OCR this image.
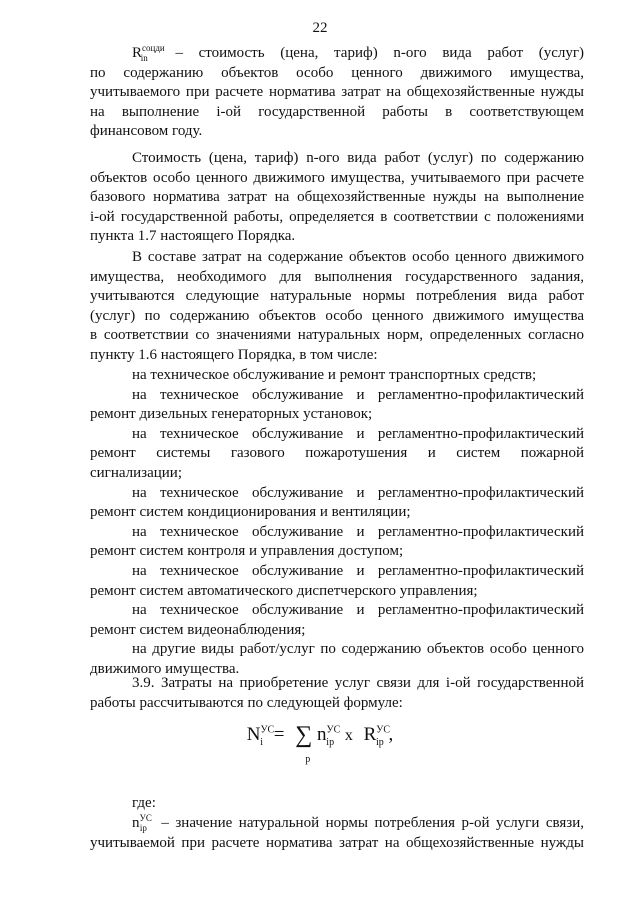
22
$R^{соцди}_{in}$ – стоимость (цена, тариф) n-ого вида работ (услуг)
по содержанию объектов особо ценного движимого имущества,
учитываемого при расчете норматива затрат на общехозяйственные нужды
на выполнение i-ой государственной работы в соответствующем
финансовом году.
Стоимость (цена, тариф) n-ого вида работ (услуг) по содержанию
объектов особо ценного движимого имущества, учитываемого при расчете
базового норматива затрат на общехозяйственные нужды на выполнение
i-ой государственной работы, определяется в соответствии с положениями
пункта 1.7 настоящего Порядка.
В составе затрат на содержание объектов особо ценного движимого
имущества, необходимого для выполнения государственного задания,
учитываются следующие натуральные нормы потребления вида работ
(услуг) по содержанию объектов особо ценного движимого имущества
в соответствии со значениями натуральных норм, определенных согласно
пункту 1.6 настоящего Порядка, в том числе:
на техническое обслуживание и ремонт транспортных средств;
на техническое обслуживание и регламентно-профилактический
ремонт дизельных генераторных установок;
на техническое обслуживание и регламентно-профилактический
ремонт системы газового пожаротушения и систем пожарной
сигнализации;
на техническое обслуживание и регламентно-профилактический
ремонт систем кондиционирования и вентиляции;
на техническое обслуживание и регламентно-профилактический
ремонт систем контроля и управления доступом;
на техническое обслуживание и регламентно-профилактический
ремонт систем автоматического диспетчерского управления;
на техническое обслуживание и регламентно-профилактический
ремонт систем видеонаблюдения;
на другие виды работ/услуг по содержанию объектов особо ценного
движимого имущества.
3.9. Затраты на приобретение услуг связи для i-ой государственной
работы рассчитываются по следующей формуле:
$N^{УС}_i$ = ∑
p
$n^{УС}_{ip}$ x $R^{УС}_{ip}$ ,
где:
$n^{УС}_{ip}$ – значение натуральной нормы потребления p-ой услуги связи,
учитываемой при расчете норматива затрат на общехозяйственные нужды
